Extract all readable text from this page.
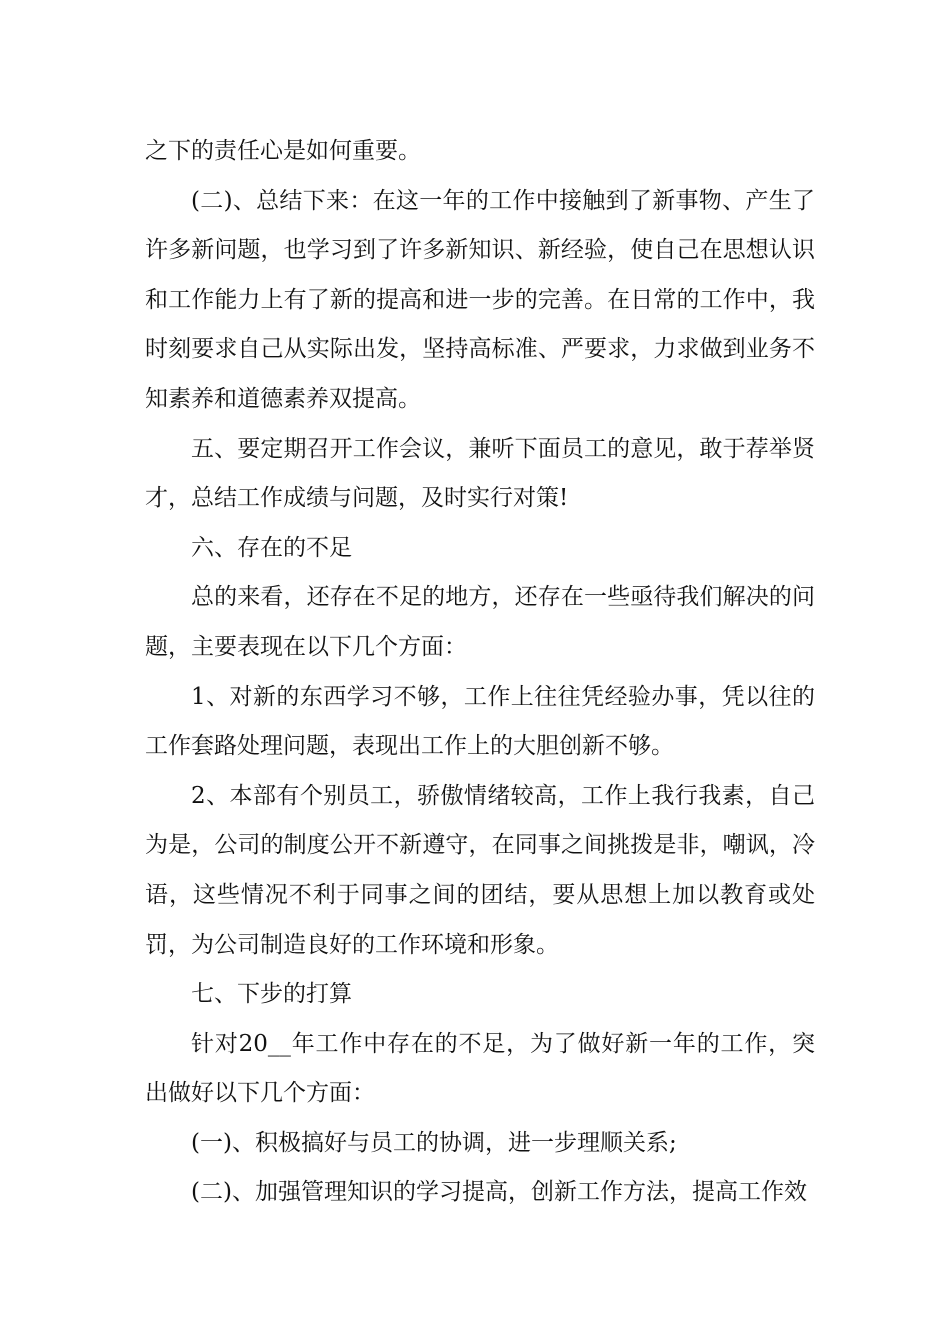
之下的责任心是如何重要。

(二)、总结下来：在这一年的工作中接触到了新事物、产生了许多新问题，也学习到了许多新知识、新经验，使自己在思想认识和工作能力上有了新的提高和进一步的完善。在日常的工作中，我时刻要求自己从实际出发，坚持高标准、严要求，力求做到业务不知素养和道德素养双提高。

五、要定期召开工作会议，兼听下面员工的意见，敢于荐举贤才，总结工作成绩与问题，及时实行对策!

六、存在的不足

总的来看，还存在不足的地方，还存在一些亟待我们解决的问题，主要表现在以下几个方面：

1、对新的东西学习不够，工作上往往凭经验办事，凭以往的工作套路处理问题，表现出工作上的大胆创新不够。

2、本部有个别员工，骄傲情绪较高，工作上我行我素，自己为是，公司的制度公开不新遵守，在同事之间挑拨是非，嘲讽，冷语，这些情况不利于同事之间的团结，要从思想上加以教育或处罚，为公司制造良好的工作环境和形象。

七、下步的打算

针对20__年工作中存在的不足，为了做好新一年的工作，突出做好以下几个方面：

(一)、积极搞好与员工的协调，进一步理顺关系;

(二)、加强管理知识的学习提高，创新工作方法，提高工作效
